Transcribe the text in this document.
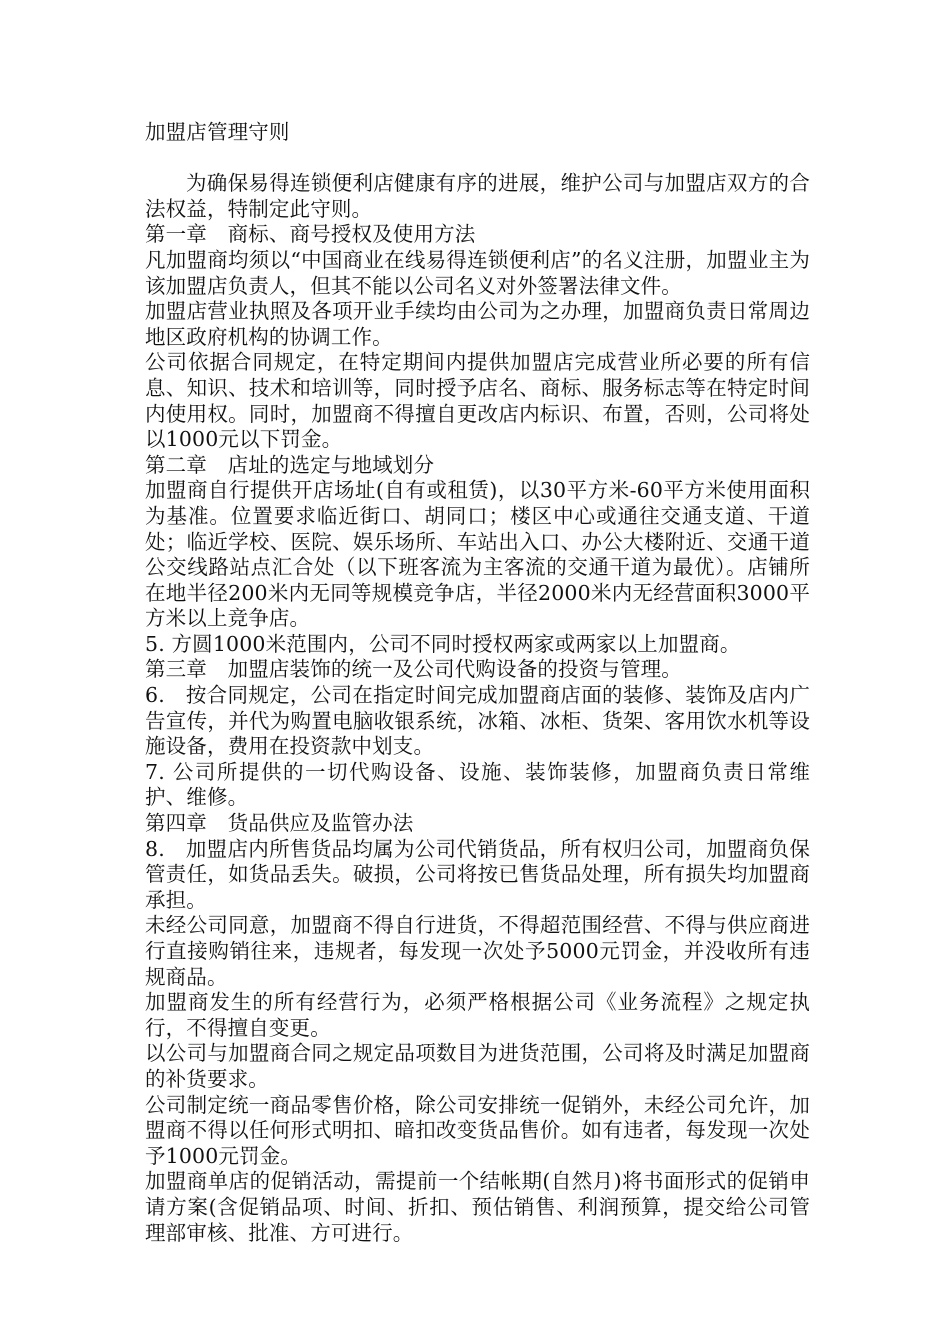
加盟店管理守则

为确保易得连锁便利店健康有序的进展，维护公司与加盟店双方的合法权益，特制定此守则。

第一章　商标、商号授权及使用方法

凡加盟商均须以“中国商业在线易得连锁便利店”的名义注册，加盟业主为该加盟店负责人，但其不能以公司名义对外签署法律文件。

加盟店营业执照及各项开业手续均由公司为之办理，加盟商负责日常周边地区政府机构的协调工作。

公司依据合同规定，在特定期间内提供加盟店完成营业所必要的所有信息、知识、技术和培训等，同时授予店名、商标、服务标志等在特定时间内使用权。同时，加盟商不得擅自更改店内标识、布置，否则，公司将处以1000元以下罚金。

第二章　店址的选定与地域划分

加盟商自行提供开店场址(自有或租赁)，以30平方米-60平方米使用面积为基准。位置要求临近街口、胡同口；楼区中心或通往交通支道、干道处；临近学校、医院、娱乐场所、车站出入口、办公大楼附近、交通干道公交线路站点汇合处（以下班客流为主客流的交通干道为最优）。店铺所在地半径200米内无同等规模竞争店，半径2000米内无经营面积3000平方米以上竞争店。

5. 方圆1000米范围内，公司不同时授权两家或两家以上加盟商。

第三章　加盟店装饰的统一及公司代购设备的投资与管理。

6.　按合同规定，公司在指定时间完成加盟商店面的装修、装饰及店内广告宣传，并代为购置电脑收银系统，冰箱、冰柜、货架、客用饮水机等设施设备，费用在投资款中划支。

7. 公司所提供的一切代购设备、设施、装饰装修，加盟商负责日常维护、维修。

第四章　货品供应及监管办法

8.　加盟店内所售货品均属为公司代销货品，所有权归公司，加盟商负保管责任，如货品丢失。破损，公司将按已售货品处理，所有损失均加盟商承担。

未经公司同意，加盟商不得自行进货，不得超范围经营、不得与供应商进行直接购销往来，违规者，每发现一次处予5000元罚金，并没收所有违规商品。

加盟商发生的所有经营行为，必须严格根据公司《业务流程》之规定执行，不得擅自变更。

以公司与加盟商合同之规定品项数目为进货范围，公司将及时满足加盟商的补货要求。

公司制定统一商品零售价格，除公司安排统一促销外，未经公司允许，加盟商不得以任何形式明扣、暗扣改变货品售价。如有违者，每发现一次处予1000元罚金。

加盟商单店的促销活动，需提前一个结帐期(自然月)将书面形式的促销申请方案(含促销品项、时间、折扣、预估销售、利润预算，提交给公司管理部审核、批准、方可进行。
